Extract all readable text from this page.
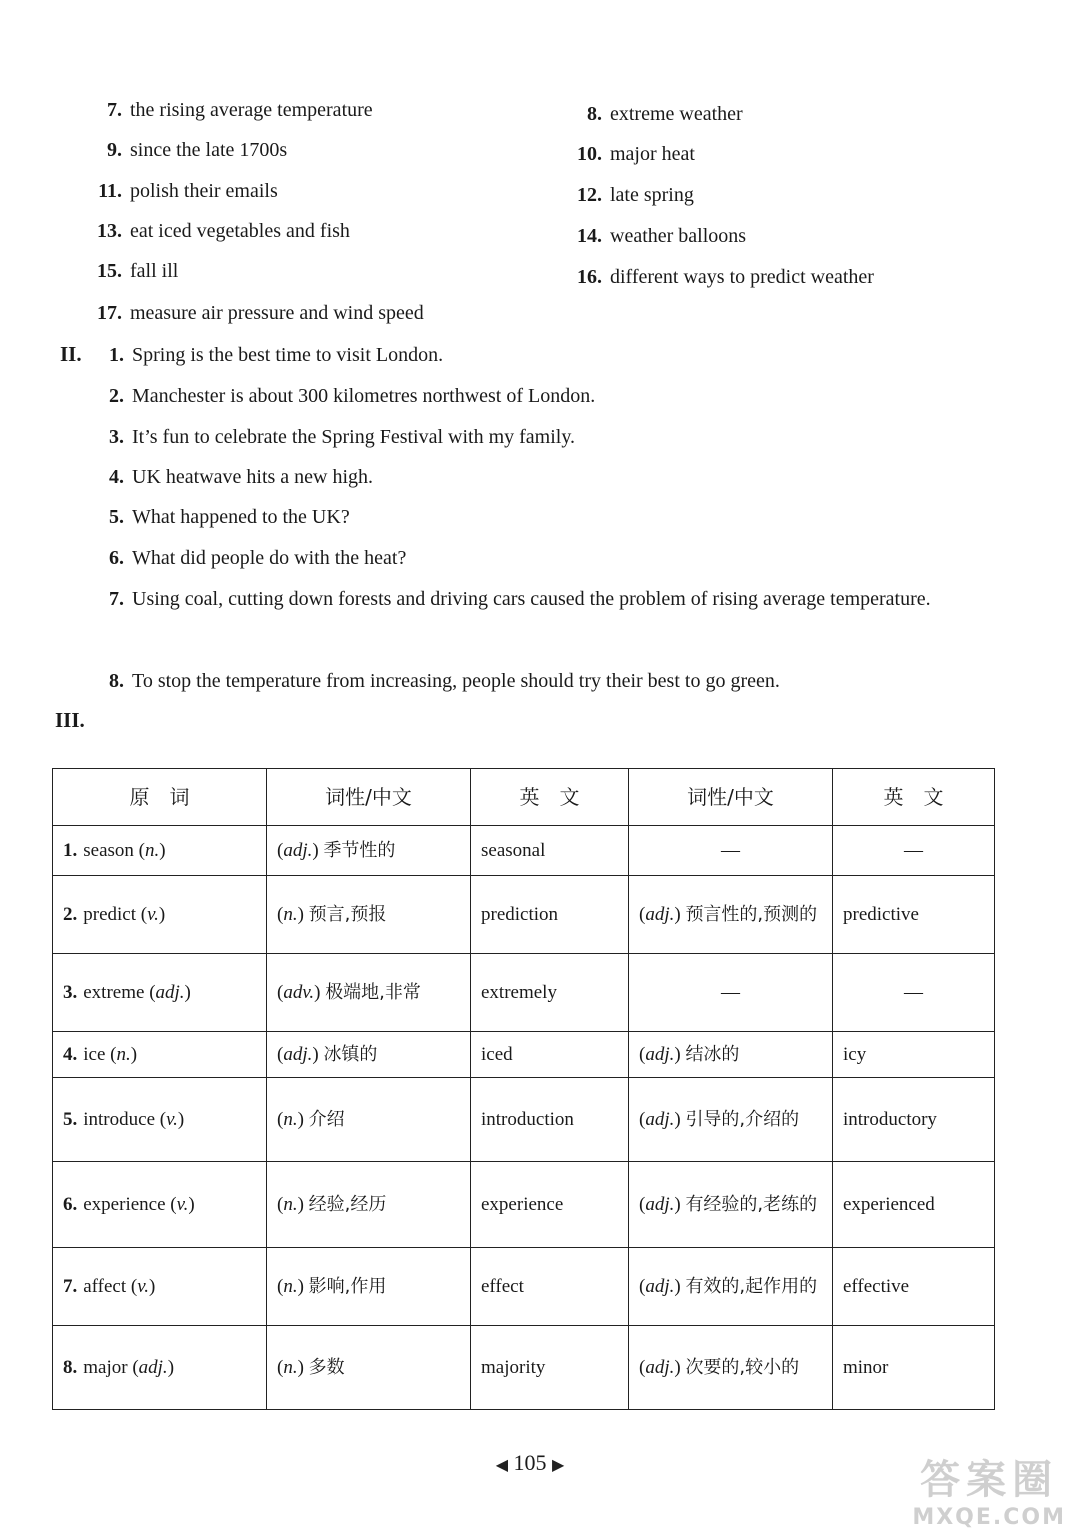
7. the rising average temperature	8. extreme weather
9. since the late 1700s	10. major heat
11. polish their emails	12. late spring
13. eat iced vegetables and fish	14. weather balloons
15. fall ill	16. different ways to predict weather
17. measure air pressure and wind speed
II. 1. Spring is the best time to visit London.
2. Manchester is about 300 kilometres northwest of London.
3. It’s fun to celebrate the Spring Festival with my family.
4. UK heatwave hits a new high.
5. What happened to the UK?
6. What did people do with the heat?
7. Using coal, cutting down forests and driving cars caused the problem of rising average temperature.
8. To stop the temperature from increasing, people should try their best to go green.
III.
原　词	词性/中文	英　文	词性/中文	英　文
1. season (n.)	(adj.) 季节性的	seasonal	—	—
2. predict (v.)	(n.) 预言,预报	prediction	(adj.) 预言性的,预测的	predictive
3. extreme (adj.)	(adv.) 极端地,非常	extremely	—	—
4. ice (n.)	(adj.) 冰镇的	iced	(adj.) 结冰的	icy
5. introduce (v.)	(n.) 介绍	introduction	(adj.) 引导的,介绍的	introductory
6. experience (v.)	(n.) 经验,经历	experience	(adj.) 有经验的,老练的	experienced
7. affect (v.)	(n.) 影响,作用	effect	(adj.) 有效的,起作用的	effective
8. major (adj.)	(n.) 多数	majority	(adj.) 次要的,较小的	minor
◀ 105 ▶	答案圈
MXQE.COM
